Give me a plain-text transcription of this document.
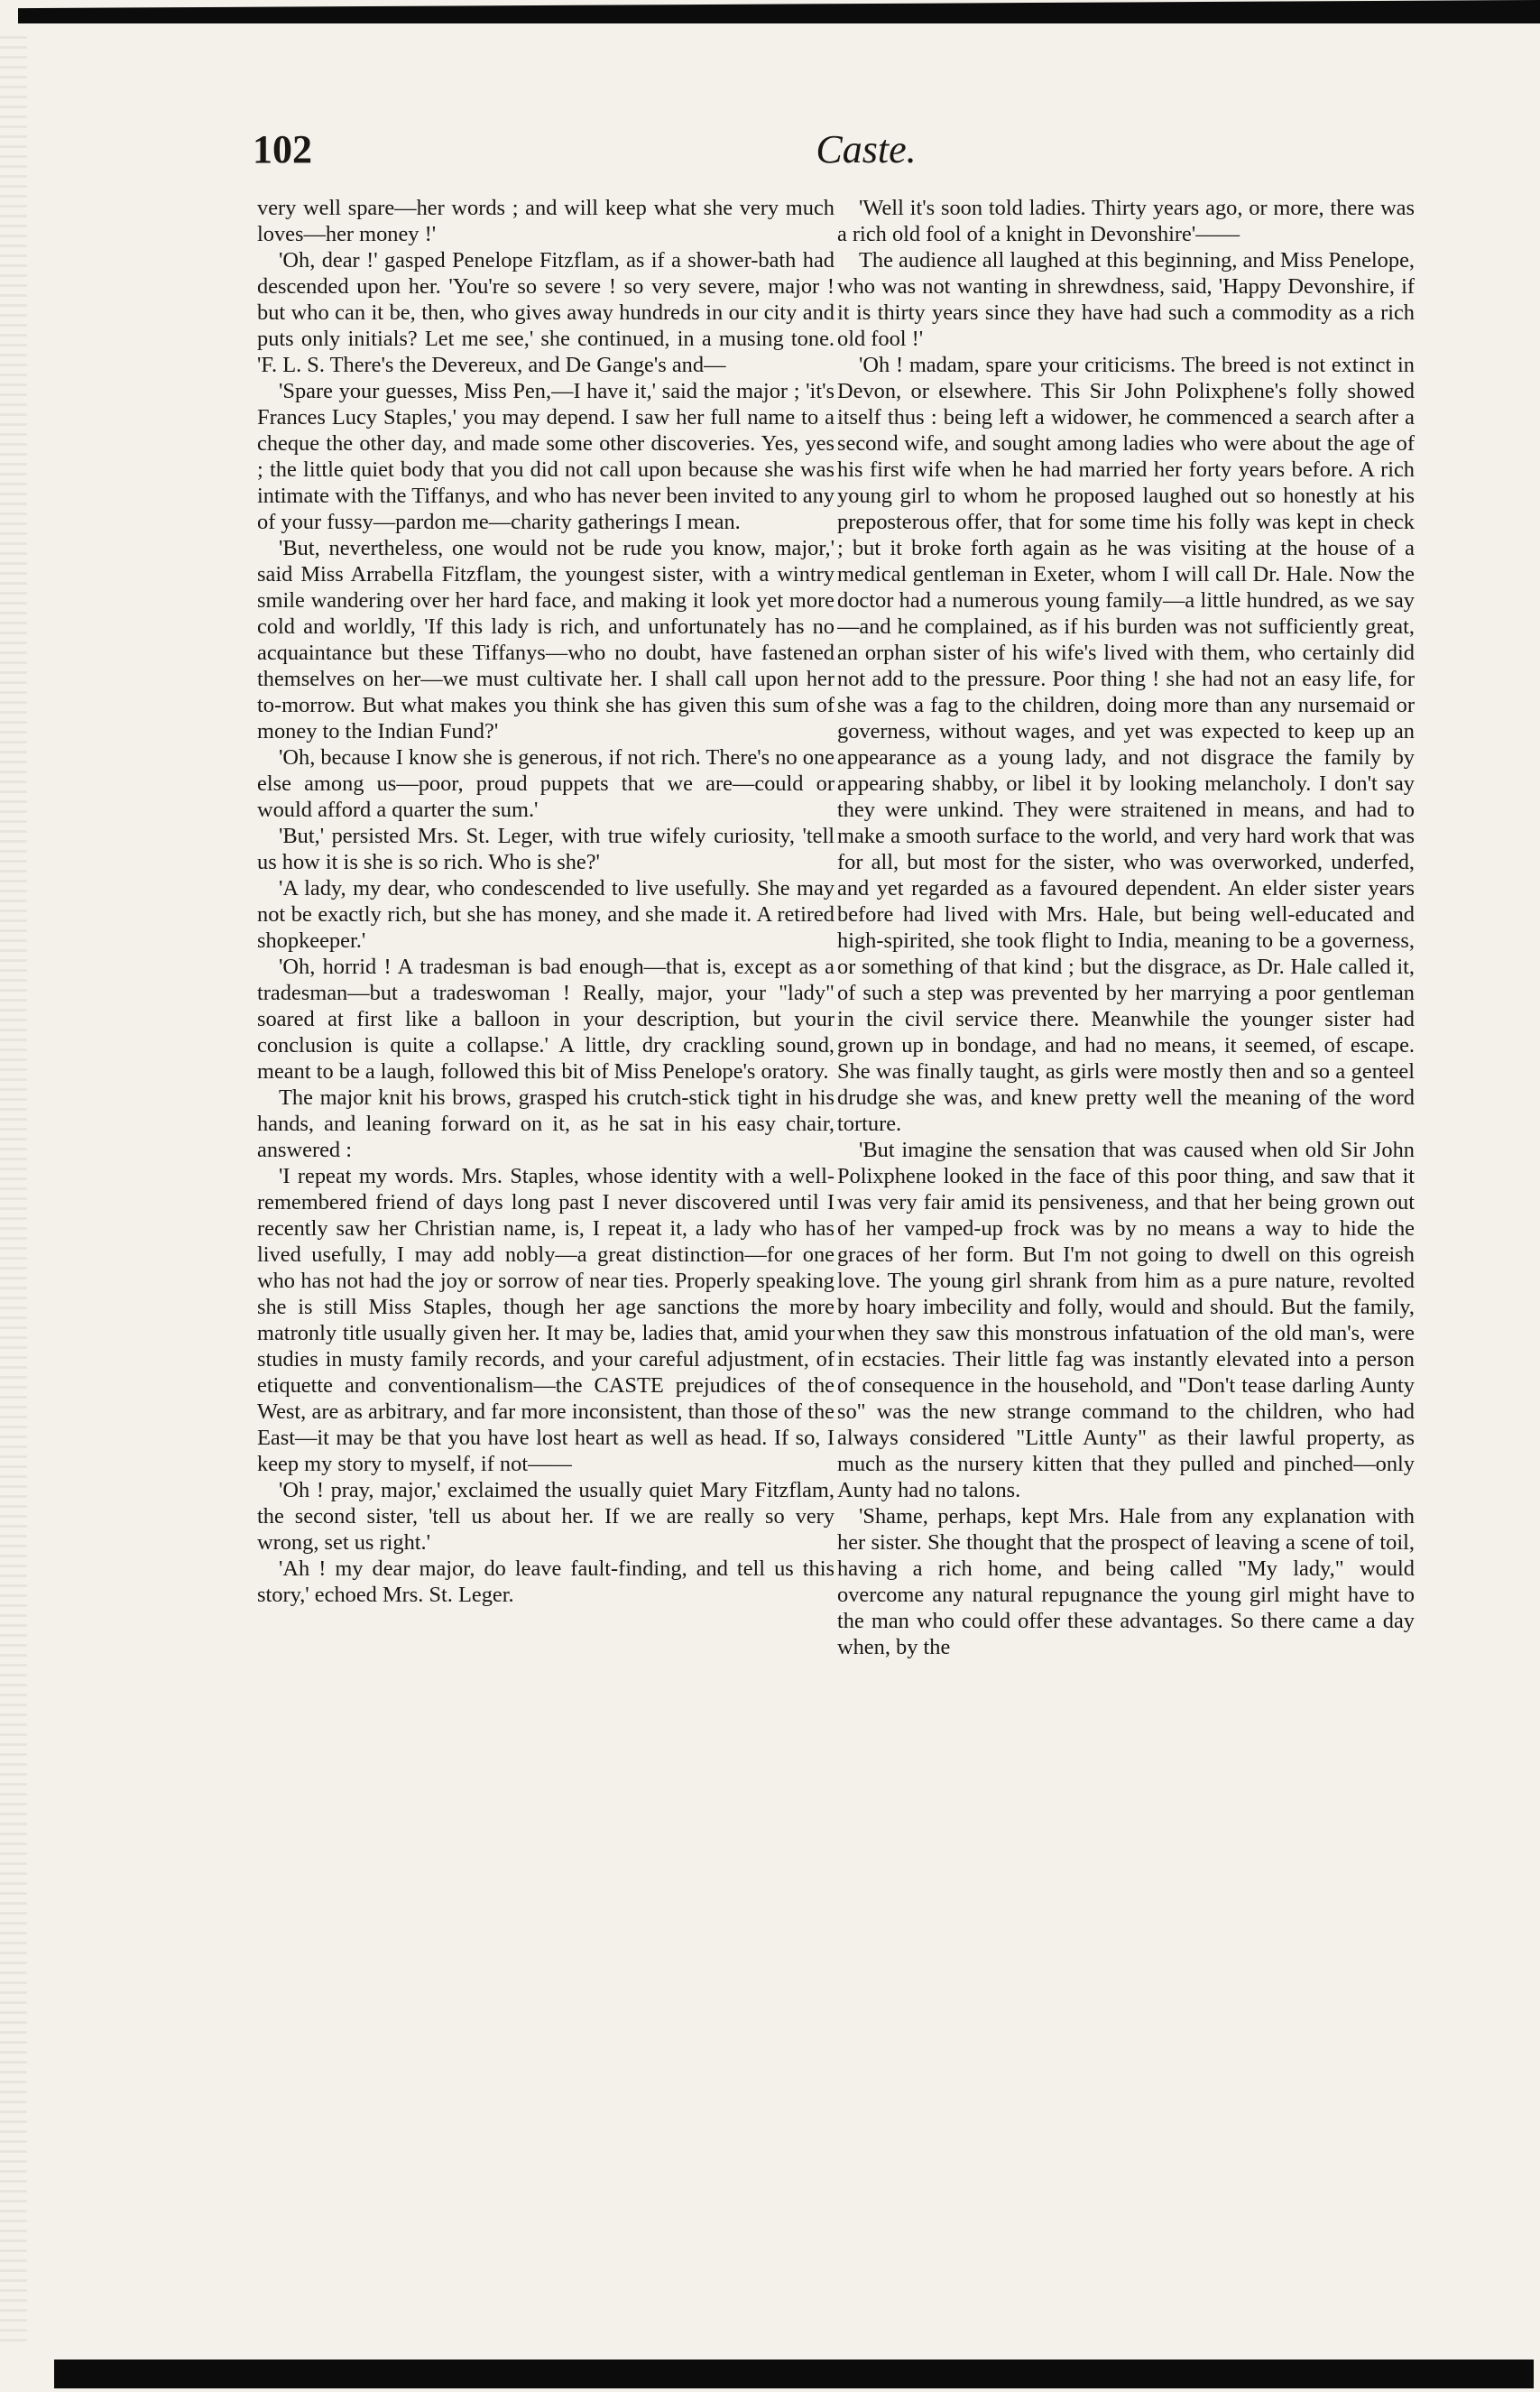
102	Caste.

very well spare—her words ; and will keep what she very much loves—her money !'

'Oh, dear !' gasped Penelope Fitzflam, as if a shower-bath had descended upon her. 'You're so severe ! so very severe, major ! but who can it be, then, who gives away hundreds in our city and puts only initials? Let me see,' she continued, in a musing tone. 'F. L. S. There's the Devereux, and De Gange's and—

'Spare your guesses, Miss Pen,—I have it,' said the major ; 'it's Frances Lucy Staples,' you may depend. I saw her full name to a cheque the other day, and made some other discoveries. Yes, yes ; the little quiet body that you did not call upon because she was intimate with the Tiffanys, and who has never been invited to any of your fussy—pardon me—charity gatherings I mean.

'But, nevertheless, one would not be rude you know, major,' said Miss Arrabella Fitzflam, the youngest sister, with a wintry smile wandering over her hard face, and making it look yet more cold and worldly, 'If this lady is rich, and unfortunately has no acquaintance but these Tiffanys—who no doubt, have fastened themselves on her—we must cultivate her. I shall call upon her to-morrow. But what makes you think she has given this sum of money to the Indian Fund?'

'Oh, because I know she is generous, if not rich. There's no one else among us—poor, proud puppets that we are—could or would afford a quarter the sum.'

'But,' persisted Mrs. St. Leger, with true wifely curiosity, 'tell us how it is she is so rich. Who is she?'

'A lady, my dear, who condescended to live usefully. She may not be exactly rich, but she has money, and she made it. A retired shopkeeper.'

'Oh, horrid ! A tradesman is bad enough—that is, except as a tradesman—but a tradeswoman ! Really, major, your "lady" soared at first like a balloon in your description, but your conclusion is quite a collapse.' A little, dry crackling sound, meant to be a laugh, followed this bit of Miss Penelope's oratory.

The major knit his brows, grasped his crutch-stick tight in his hands, and leaning forward on it, as he sat in his easy chair, answered :

'I repeat my words. Mrs. Staples, whose identity with a well-remembered friend of days long past I never discovered until I recently saw her Christian name, is, I repeat it, a lady who has lived usefully, I may add nobly—a great distinction—for one who has not had the joy or sorrow of near ties. Properly speaking she is still Miss Staples, though her age sanctions the more matronly title usually given her. It may be, ladies that, amid your studies in musty family records, and your careful adjustment, of etiquette and conventionalism—the CASTE prejudices of the West, are as arbitrary, and far more inconsistent, than those of the East—it may be that you have lost heart as well as head. If so, I keep my story to myself, if not—––

'Oh ! pray, major,' exclaimed the usually quiet Mary Fitzflam, the second sister, 'tell us about her. If we are really so very wrong, set us right.'

'Ah ! my dear major, do leave fault-finding, and tell us this story,' echoed Mrs. St. Leger.

'Well it's soon told ladies. Thirty years ago, or more, there was a rich old fool of a knight in Devonshire'––––

The audience all laughed at this beginning, and Miss Penelope, who was not wanting in shrewdness, said, 'Happy Devonshire, if it is thirty years since they have had such a commodity as a rich old fool !'

'Oh ! madam, spare your criticisms. The breed is not extinct in Devon, or elsewhere. This Sir John Polixphene's folly showed itself thus : being left a widower, he commenced a search after a second wife, and sought among ladies who were about the age of his first wife when he had married her forty years before. A rich young girl to whom he proposed laughed out so honestly at his preposterous offer, that for some time his folly was kept in check ; but it broke forth again as he was visiting at the house of a medical gentleman in Exeter, whom I will call Dr. Hale. Now the doctor had a numerous young family—a little hundred, as we say—and he complained, as if his burden was not sufficiently great, an orphan sister of his wife's lived with them, who certainly did not add to the pressure. Poor thing ! she had not an easy life, for she was a fag to the children, doing more than any nursemaid or governess, without wages, and yet was expected to keep up an appearance as a young lady, and not disgrace the family by appearing shabby, or libel it by looking melancholy. I don't say they were unkind. They were straitened in means, and had to make a smooth surface to the world, and very hard work that was for all, but most for the sister, who was overworked, underfed, and yet regarded as a favoured dependent. An elder sister years before had lived with Mrs. Hale, but being well-educated and high-spirited, she took flight to India, meaning to be a governess, or something of that kind ; but the disgrace, as Dr. Hale called it, of such a step was prevented by her marrying a poor gentleman in the civil service there. Meanwhile the younger sister had grown up in bondage, and had no means, it seemed, of escape. She was finally taught, as girls were mostly then and so a genteel drudge she was, and knew pretty well the meaning of the word torture.

'But imagine the sensation that was caused when old Sir John Polixphene looked in the face of this poor thing, and saw that it was very fair amid its pensiveness, and that her being grown out of her vamped-up frock was by no means a way to hide the graces of her form. But I'm not going to dwell on this ogreish love. The young girl shrank from him as a pure nature, revolted by hoary imbecility and folly, would and should. But the family, when they saw this monstrous infatuation of the old man's, were in ecstacies. Their little fag was instantly elevated into a person of consequence in the household, and "Don't tease darling Aunty so" was the new strange command to the children, who had always considered "Little Aunty" as their lawful property, as much as the nursery kitten that they pulled and pinched—only Aunty had no talons.

'Shame, perhaps, kept Mrs. Hale from any explanation with her sister. She thought that the prospect of leaving a scene of toil, having a rich home, and being called "My lady," would overcome any natural repugnance the young girl might have to the man who could offer these advantages. So there came a day when, by the
